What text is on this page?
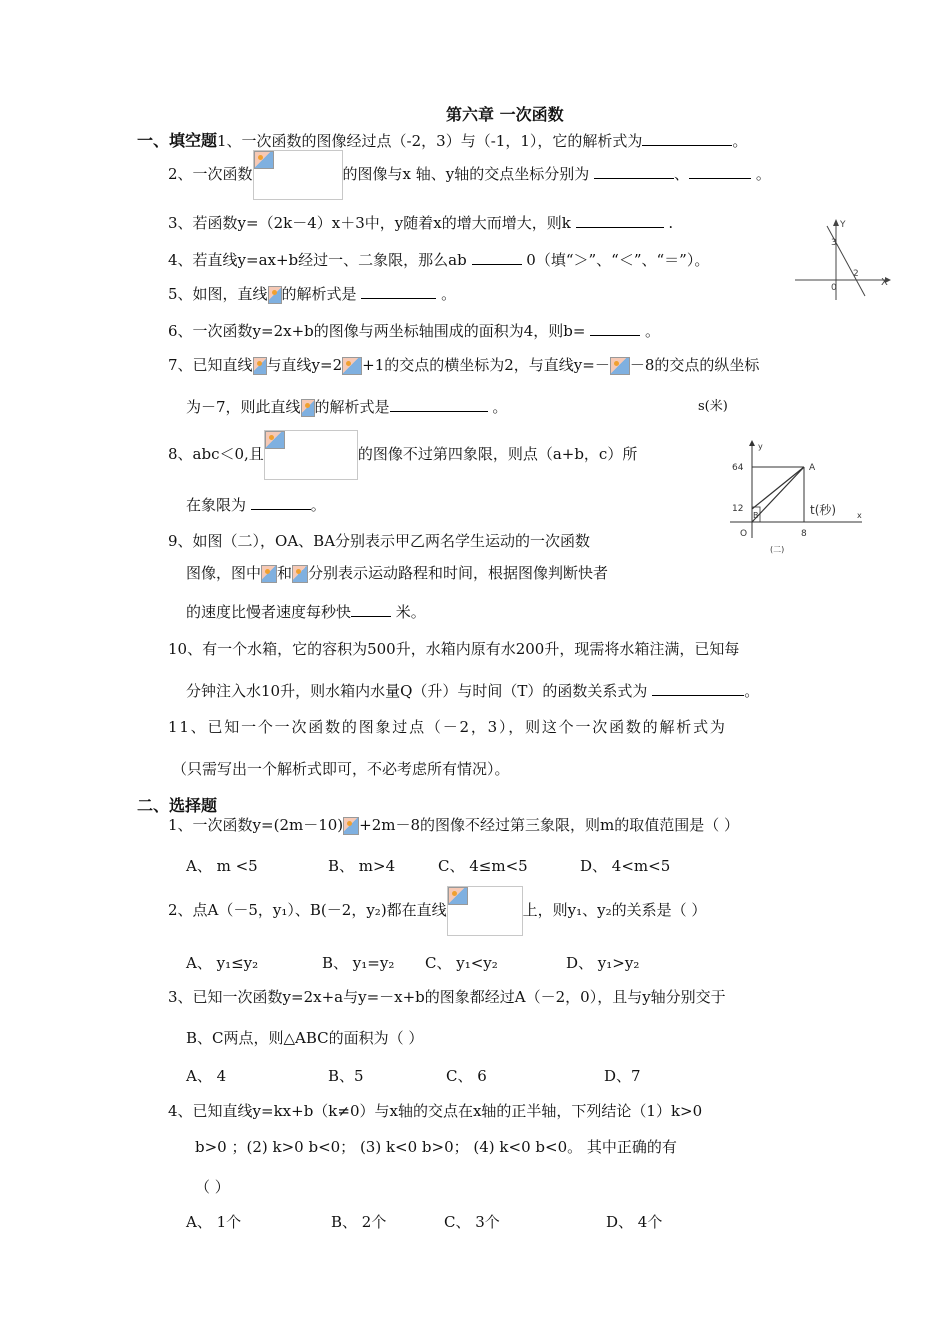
第六章 一次函数
一、填空题1、一次函数的图像经过点（-2，3）与（-1，1），它的解析式为	。
2、一次函数	的图像与x 轴、y轴的交点坐标分别为	、	。
3、若函数y=（2k－4）x＋3中，y随着x的增大而增大，则k	.
4、若直线y=ax+b经过一、二象限，那么ab	0（填“＞”、“＜”、“＝”）。
5、如图，直线 的解析式是	。
6、一次函数y=2x+b的图像与两坐标轴围成的面积为4，则b=	。
7、已知直线 与直线y=2 +1的交点的横坐标为2，与直线y=－ －8的交点的纵坐标
为－7，则此直线 的解析式是	。
8、abc＜0,且	的图像不过第四象限，则点（a+b，c）所
在象限为	。
9、如图（二），OA、BA分别表示甲乙两名学生运动的一次函数
图像，图中 和 分别表示运动路程和时间，根据图像判断快者
的速度比慢者速度每秒快	米。
10、有一个水箱，它的容积为500升，水箱内原有水200升，现需将水箱注满，已知每
分钟注入水10升，则水箱内水量Q（升）与时间（T）的函数关系式为	。
11、已知一个一次函数的图象过点（－2，3），则这个一次函数的解析式为
（只需写出一个解析式即可，不必考虑所有情况）。
X
Y
3
2
0
s(米)
x
y
64
12
B
A
O	8
t(秒)
(二)
二、选择题
1、一次函数y=(2m－10) +2m－8的图像不经过第三象限，则m的取值范围是（ ）
A、 m <5	B、 m>4	C、 4≤m<5	D、 4<m<5
2、点A（－5，y₁）、B(－2，y₂)都在直线	上，则y₁、y₂的关系是（ ）
A、 y₁≤y₂	B、 y₁=y₂ C、 y₁<y₂	D、 y₁>y₂
3、已知一次函数y=2x+a与y=－x+b的图象都经过A（－2，0），且与y轴分别交于
B、C两点，则△ABC的面积为（ ）
A、 4	B、5	C、 6	D、7
4、已知直线y=kx+b（k≠0）与x轴的交点在x轴的正半轴，下列结论（1）k>0
b>0 ；(2) k>0 b<0； (3) k<0 b>0； (4) k<0 b<0。 其中正确的有
（ ）
A、 1个	B、 2个	C、 3个	D、 4个
